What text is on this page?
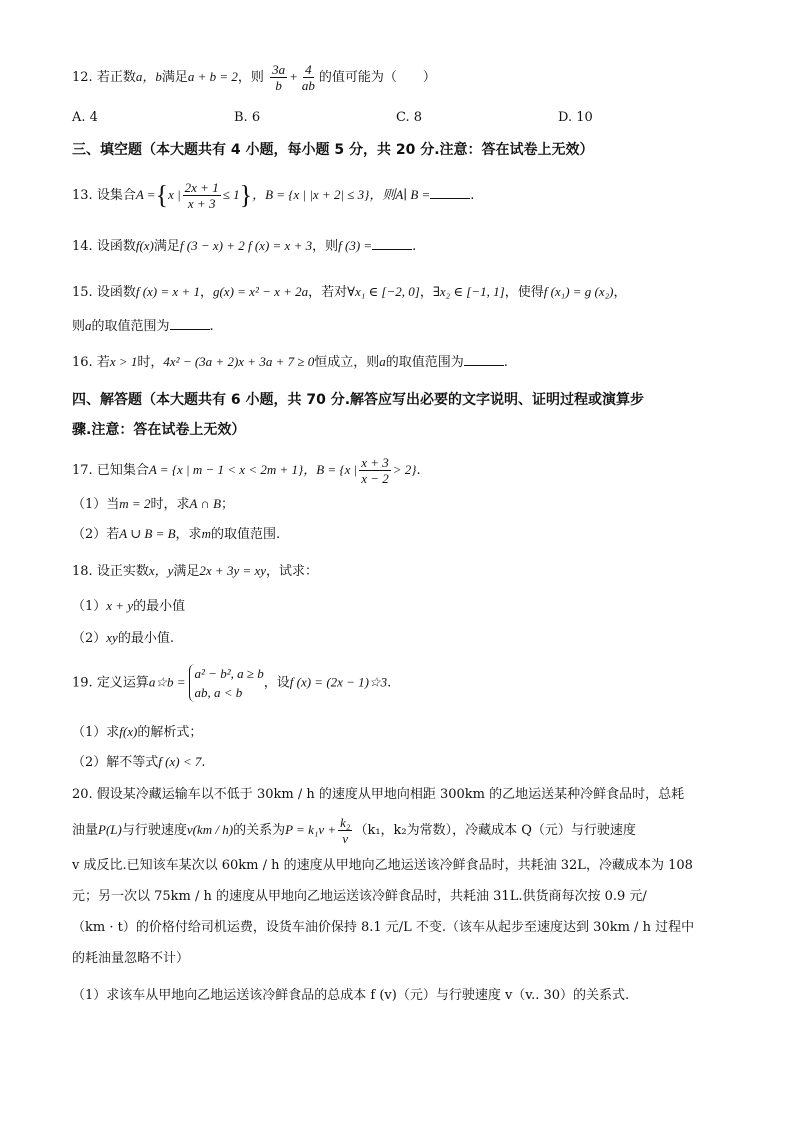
12. 若正数a，b满足a + b = 2，则 $\frac{3a}{b} + \frac{4}{ab}$ 的值可能为（　　）
A. 4	B. 6	C. 8	D. 10
三、填空题（本大题共有 4 小题，每小题 5 分，共 20 分.注意：答在试卷上无效）
13. 设集合A ={x | $\frac{2x + 1}{x + 3} \le 1$}，B = {x | |x + 2| ≤ 3}，则A∣ B =	.
14. 设函数f(x)满足f (3 − x) + 2 f (x) = x + 3，则f (3) =	.
15. 设函数f (x) = x + 1，g(x) = x² − x + 2a，若对∀x₁ ∈ [−2, 0]，∃x₂ ∈ [−1, 1]，使得f (x₁) = g (x₂)，
则a的取值范围为	.
16. 若x > 1时，4x² − (3a + 2)x + 3a + 7 ≥ 0恒成立，则a的取值范围为	.
四、解答题（本大题共有 6 小题，共 70 分.解答应写出必要的文字说明、证明过程或演算步
骤.注意：答在试卷上无效）
17. 已知集合A = {x | m − 1 < x < 2m + 1}，B = {x | $\frac{x + 3}{x - 2} > 2$}.
（1）当m = 2时，求A ∩ B；
（2）若A ∪ B = B，求m的取值范围.
18. 设正实数x，y满足2x + 3y = xy，试求：
（1）x + y的最小值
（2）xy的最小值.
19. 定义运算a☆b =
a² − b², a ≥ b
ab, a < b
，设f (x) = (2x − 1)☆3.
（1）求f(x)的解析式；
（2）解不等式f (x) < 7.
20. 假设某冷藏运输车以不低于 30km / h 的速度从甲地向相距 300km 的乙地运送某种冷鲜食品时，总耗
油量P(L)与行驶速度v(km / h)的关系为$P = k_1v + \frac{\text{k₂}}{v} (k_1$，k₂为常数），冷藏成本 Q（元）与行驶速度
v 成反比.已知该车某次以 60km / h 的速度从甲地向乙地运送该冷鲜食品时，共耗油 32L，冷藏成本为 108
元；另一次以 75km / h 的速度从甲地向乙地运送该冷鲜食品时，共耗油 31L.供货商每次按 0.9 元/
（km · t）的价格付给司机运费，设货车油价保持 8.1 元/L 不变.（该车从起步至速度达到 30km / h 过程中
的耗油量忽略不计）
（1）求该车从甲地向乙地运送该冷鲜食品的总成本 f (v)（元）与行驶速度 v（v.. 30）的关系式.
